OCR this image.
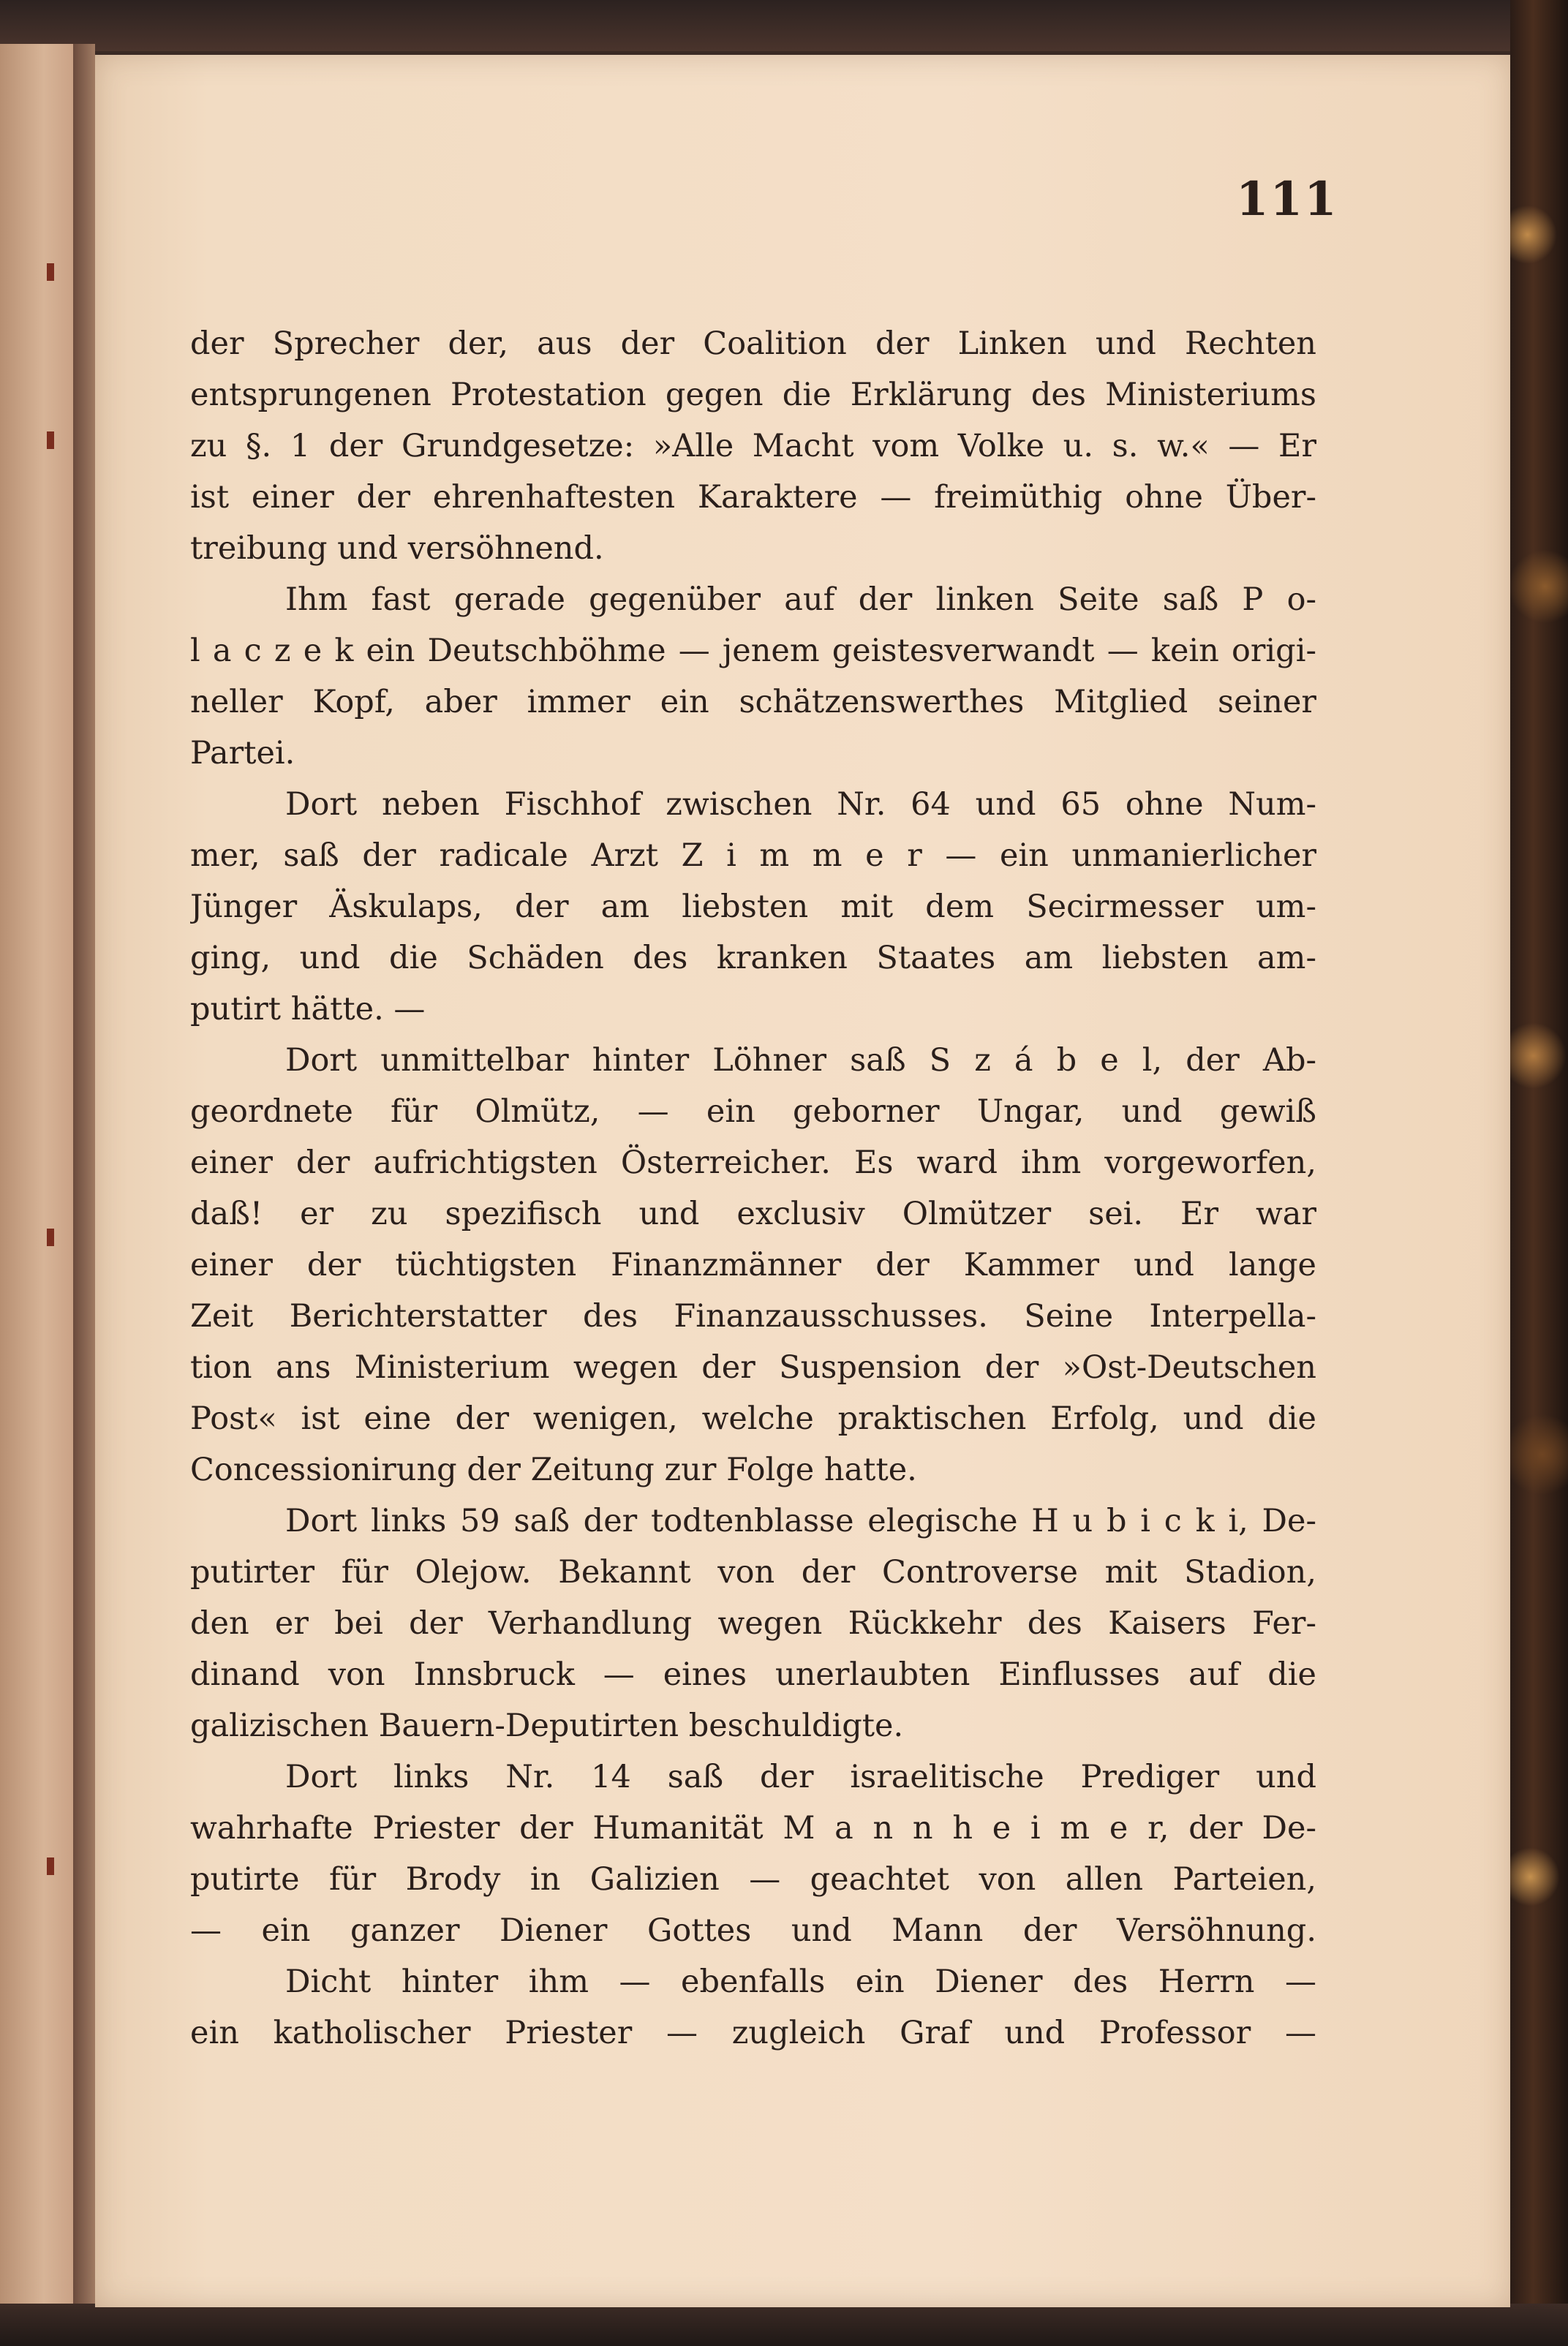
111
der Sprecher der, aus der Coalition der Linken und Rechten
entsprungenen Protestation gegen die Erklärung des Ministeriums
zu §. 1 der Grundgesetze: »Alle Macht vom Volke u. s. w.« — Er
ist einer der ehrenhaftesten Karaktere — freimüthig ohne Über-
treibung und versöhnend.
Ihm fast gerade gegenüber auf der linken Seite saß P o-
l a c z e k ein Deutschböhme — jenem geistesverwandt — kein origi-
neller Kopf, aber immer ein schätzenswerthes Mitglied seiner
Partei.
Dort neben Fischhof zwischen Nr. 64 und 65 ohne Num-
mer, saß der radicale Arzt Z i m m e r — ein unmanierlicher
Jünger Äskulaps, der am liebsten mit dem Secirmesser um-
ging, und die Schäden des kranken Staates am liebsten am-
putirt hätte. —
Dort unmittelbar hinter Löhner saß S z á b e l, der Ab-
geordnete für Olmütz, — ein geborner Ungar, und gewiß
einer der aufrichtigsten Österreicher. Es ward ihm vorgeworfen,
daß! er zu spezifisch und exclusiv Olmützer sei. Er war
einer der tüchtigsten Finanzmänner der Kammer und lange
Zeit Berichterstatter des Finanzausschusses. Seine Interpella-
tion ans Ministerium wegen der Suspension der »Ost-Deutschen
Post« ist eine der wenigen, welche praktischen Erfolg, und die
Concessionirung der Zeitung zur Folge hatte.
Dort links 59 saß der todtenblasse elegische H u b i c k i, De-
putirter für Olejow. Bekannt von der Controverse mit Stadion,
den er bei der Verhandlung wegen Rückkehr des Kaisers Fer-
dinand von Innsbruck — eines unerlaubten Einflusses auf die
galizischen Bauern-Deputirten beschuldigte.
Dort links Nr. 14 saß der israelitische Prediger und
wahrhafte Priester der Humanität M a n n h e i m e r, der De-
putirte für Brody in Galizien — geachtet von allen Parteien,
— ein ganzer Diener Gottes und Mann der Versöhnung.
Dicht hinter ihm — ebenfalls ein Diener des Herrn —
ein katholischer Priester — zugleich Graf und Professor —
